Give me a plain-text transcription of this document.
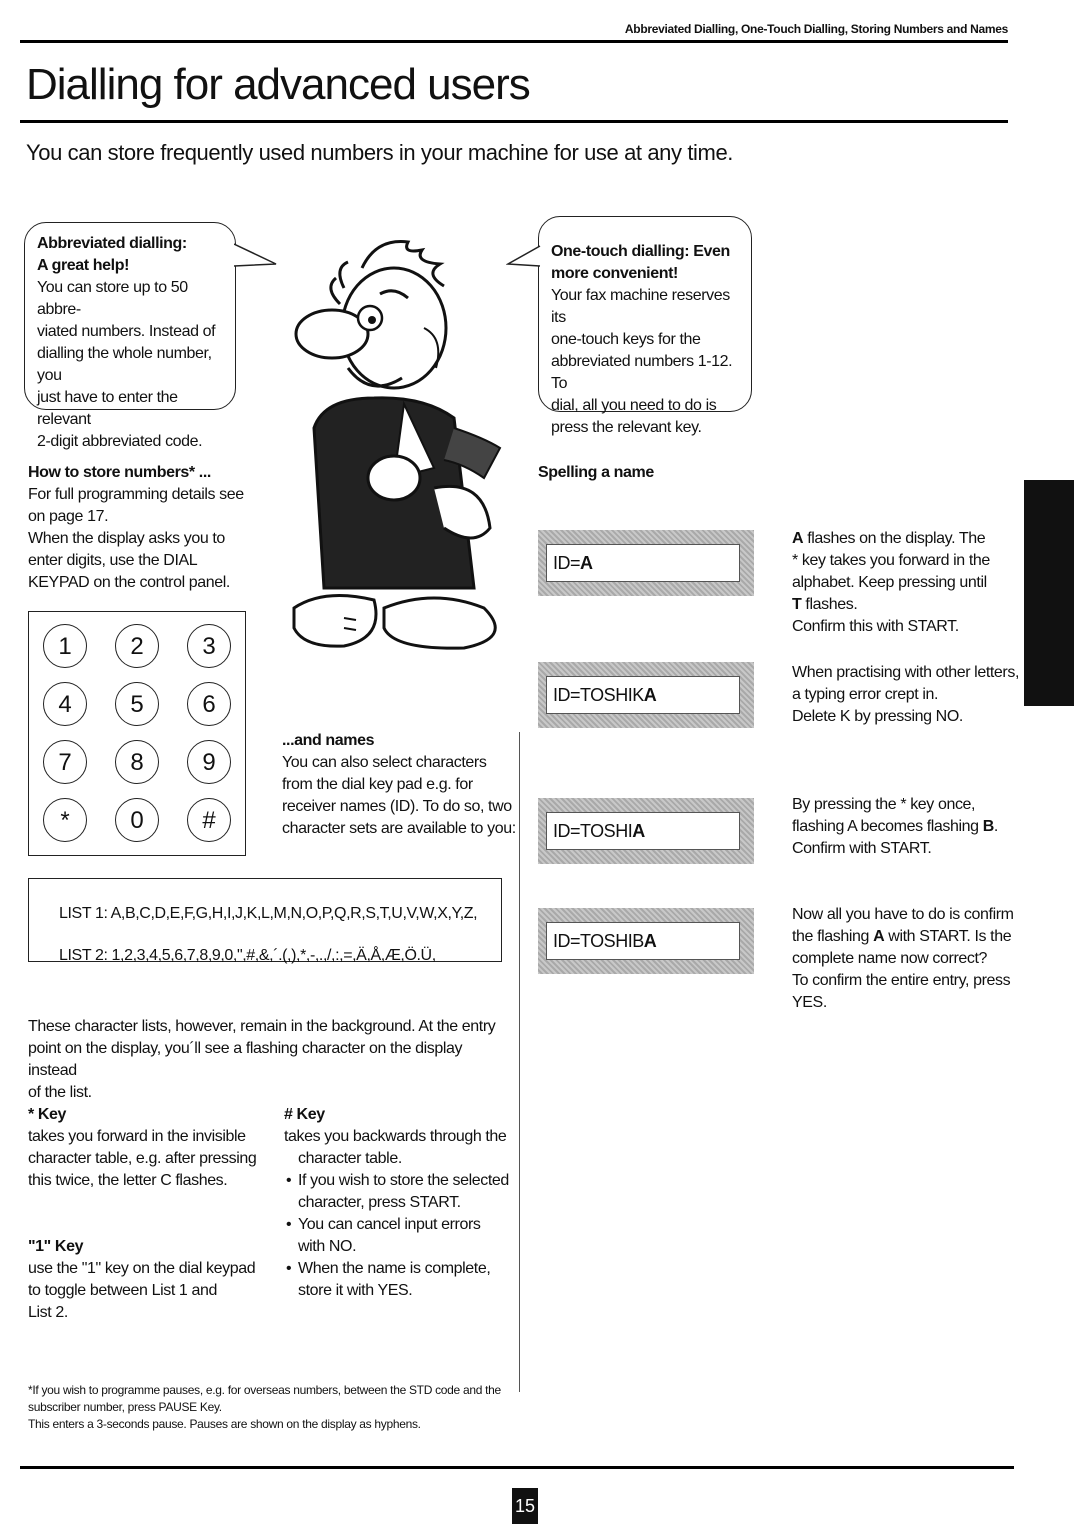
Abbreviated Dialling, One-Touch Dialling, Storing Numbers and Names
Dialling for advanced users
You can store frequently used numbers in your machine for use at any time.
Abbreviated dialling:
A great help!
You can store up to 50 abbre-
viated numbers. Instead of
dialling the whole number, you
just have to enter the relevant
2-digit abbreviated code.
One-touch dialling: Even
more convenient!
Your fax machine reserves its
one-touch keys for the
abbreviated numbers 1-12. To
dial, all you need to do is
press the relevant key.
How to store numbers* ...
For full programming details see
on page 17.
When the display asks you to
enter digits, use the DIAL
KEYPAD on the control panel.
1	2	3
4	5	6
7	8	9
*	0	#
...and names
You can also select characters
from the dial key pad e.g. for
receiver names (ID). To do so, two
character sets are available to you:
LIST 1: A,B,C,D,E,F,G,H,I,J,K,L,M,N,O,P,Q,R,S,T,U,V,W,X,Y,Z,
LIST 2: 1,2,3,4,5,6,7,8,9,0,",#,&,´.(,),*,-,.,/,:,=,Ä,Å,Æ,Ö.Ü,
These character lists, however, remain in the background. At the entry
point on the display, you´ll see a flashing character on the display instead
of the list.
* Key
takes you forward in the invisible
character table, e.g. after pressing
this twice, the letter C flashes.
"1" Key
use the "1" key on the dial keypad
to toggle between List 1 and
List 2.
# Key
takes you backwards through the
character table.
• If you wish to store the selected
character, press START.
• You can cancel input errors
with NO.
• When the name is complete,
store it with YES.
Spelling a name
ID=A
ID=TOSHIKA
ID=TOSHIA
ID=TOSHIBA
A flashes on the display. The
* key takes you forward in the
alphabet. Keep pressing until
T flashes.
Confirm this with START.
When practising with other letters,
a typing error crept in.
Delete K by pressing NO.
By pressing the * key once,
flashing A becomes flashing B.
Confirm with START.
Now all you have to do is confirm
the flashing A with START. Is the
complete name now correct?
To confirm the entire entry, press
YES.
*If you wish to programme pauses, e.g. for overseas numbers, between the STD code and the
subscriber number, press PAUSE Key.
This enters a 3-seconds pause. Pauses are shown on the display as hyphens.
15
